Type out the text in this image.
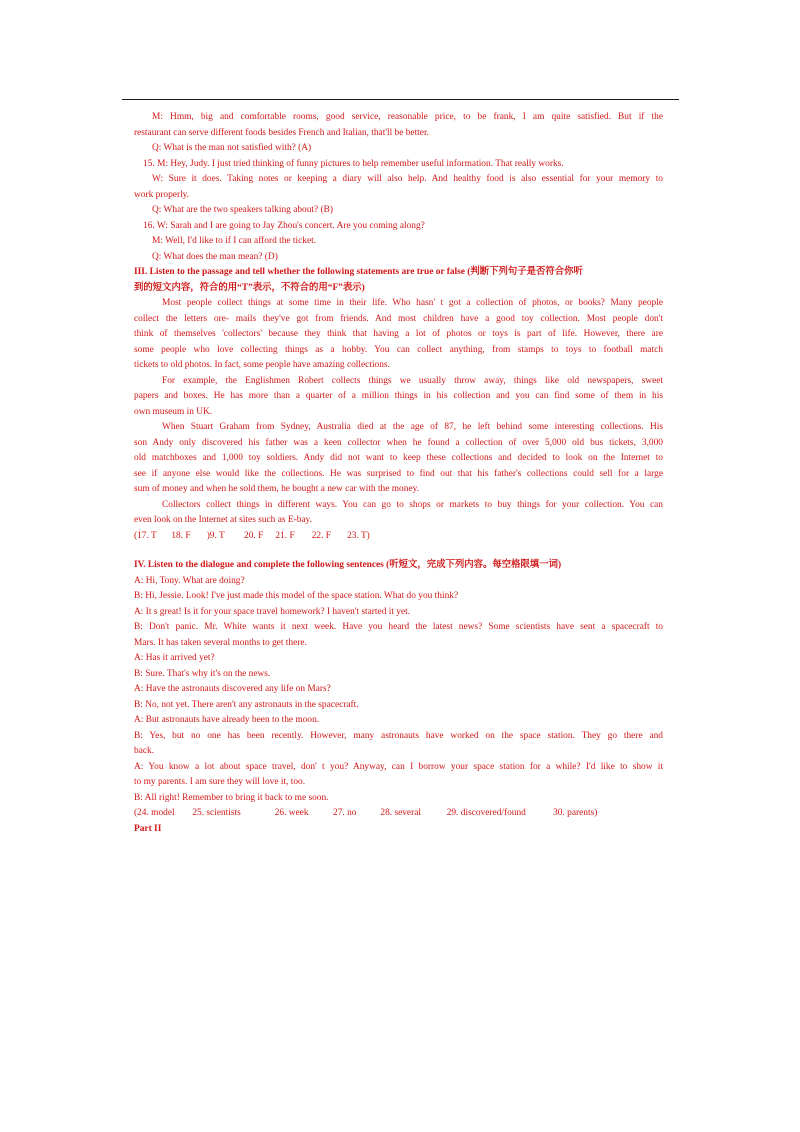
M: Hmm, big and comfortable rooms, good service, reasonable price, to be frank, I am quite satisfied. But if the

restaurant can serve different foods besides French and Italian, that'll be better.

Q: What is the man not satisfied with? (A)

15. M: Hey, Judy. I just tried thinking of funny pictures to help remember useful information. That really works.

W: Sure it does. Taking notes or keeping a diary will also help. And healthy food is also essential for your memory to

work properly.

Q: What are the two speakers talking about? (B)

16. W: Sarah and I are going to Jay Zhou's concert. Are you coming along?

M: Well, I'd like to if I can afford the ticket.

Q: What does the man mean? (D)

III. Listen to the passage and tell whether the following statements are true or false (判断下列句子是否符合你听

到的短文内容，符合的用“T”表示，不符合的用“F”表示)

Most people collect things at some time in their life. Who hasn' t got a collection of photos, or books? Many people

collect the letters ore- mails they've got from friends. And most children have a good toy collection. Most people don't

think of themselves 'collectors' because they think that having a lot of photos or toys is part of life. However, there are

some people who love collecting things as a hobby. You can collect anything, from stamps to toys to football match

tickets to old photos. In fact, some people have amazing collections.

For example, the Englishmen Robert collects things we usually throw away, things like old newspapers, sweet

papers and boxes. He has more than a quarter of a million things in his collection and you can find some of them in his

own museum in UK.

When Stuart Graham from Sydney, Australia died at the age of 87, he left behind some interesting collections. His

son Andy only discovered his father was a keen collector when he found a collection of over 5,000 old bus tickets, 3,000

old matchboxes and 1,000 toy soldiers. Andy did not want to keep these collections and decided to look on the Internet to

see if anyone else would like the collections. He was surprised to find out that his father's collections could sell for a large

sum of money and when he sold them, he bought a new car with the money.

Collectors collect things in different ways. You can go to shops or markets to buy things for your collection. You can

even look on the Internet at sites such as E-bay.

(17. T 18. F )9. T 20. F 21. F 22. F 23. T)

IV. Listen to the dialogue and complete the following sentences (听短文，完成下列内容。每空格限填一词)

A: Hi, Tony. What are doing?

B: Hi, Jessie. Look! I've just made this model of the space station. What do you think?

A: It s great! Is it for your space travel homework? I haven't started it yet.

B: Don't panic. Mr. White wants it next week. Have you heard the latest news? Some scientists have sent a spacecraft to

Mars. It has taken several months to get there.

A: Has it arrived yet?

B: Sure. That's why it's on the news.

A: Have the astronauts discovered any life on Mars?

B: No, not yet. There aren't any astronauts in the spacecraft.

A: But astronauts have already been to the moon.

B: Yes, but no one has been recently. However, many astronauts have worked on the space station. They go there and

back.

A: You know a lot about space travel, don' t you? Anyway, can I borrow your space station for a while? I'd like to show it

to my parents. I am sure they will love it, too.

B: All right! Remember to bring it back to me soon.

(24. model 25. scientists	26. week	27. no	28. several	29. discovered/found	30. parents)

Part II
